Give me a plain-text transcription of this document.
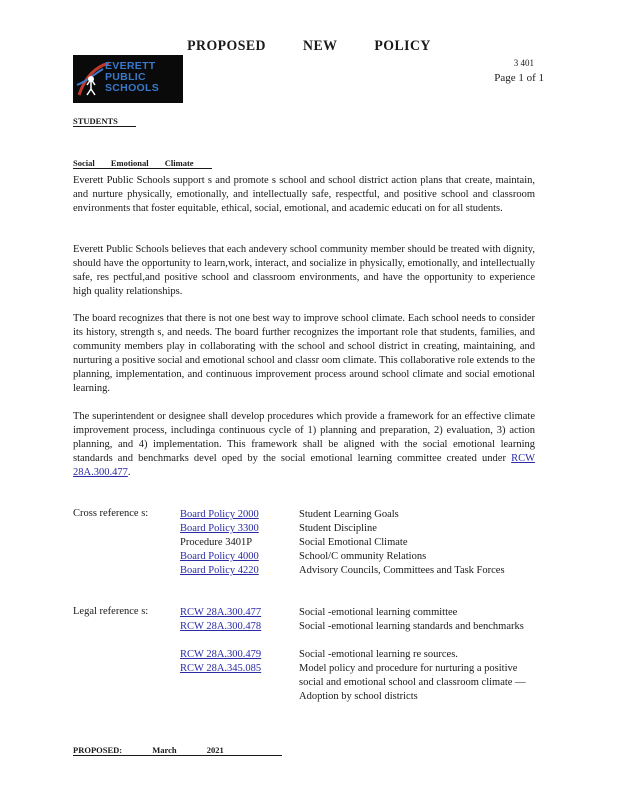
PROPOSED NEW POLICY
EVERETT
PUBLIC
SCHOOLS
3 401
Page 1 of 1
STUDENTS
Social Emotional Climate
Everett Public Schools support s and promote s school and school district action plans that create, maintain, and nurture physically, emotionally, and intellectually safe, respectful, and positive school and classroom environments that foster equitable, ethical, social, emotional, and academic educati on for all students.
Everett Public Schools believes that each andevery school community member should be treated with dignity, should have the opportunity to learn,work, interact, and socialize in physically, emotionally, and intellectually safe, res pectful,and positive school and classroom environments, and have the opportunity to experience high quality relationships.
The board recognizes that there is not one best way to improve school climate. Each school needs to consider its history, strength s, and needs. The board further recognizes the important role that students, families, and community members play in collaborating with the school and school district in creating, maintaining, and nurturing a positive social and emotional school and classr oom climate. This collaborative role extends to the planning, implementation, and continuous improvement process around school climate and social emotional learning.
The superintendent or designee shall develop procedures which provide a framework for an effective climate improvement process, includinga continuous cycle of 1) planning and preparation, 2) evaluation, 3) action planning, and 4) implementation. This framework shall be aligned with the social emotional learning standards and benchmarks devel oped by the social emotional learning committee created under RCW 28A.300.477.
Cross reference s:	Board Policy 2000	Student Learning Goals
Board Policy 3300	Student Discipline
Procedure 3401P	Social Emotional Climate
Board Policy 4000	School/C ommunity Relations
Board Policy 4220	Advisory Councils, Committees and Task Forces
Legal reference s:	RCW 28A.300.477	Social -emotional learning committee
RCW 28A.300.478	Social -emotional learning standards and benchmarks
RCW 28A.300.479	Social -emotional learning re sources.
RCW 28A.345.085	Model policy and procedure for nurturing a positive social and emotional school and classroom climate — Adoption by school districts
PROPOSED:	March	2021
